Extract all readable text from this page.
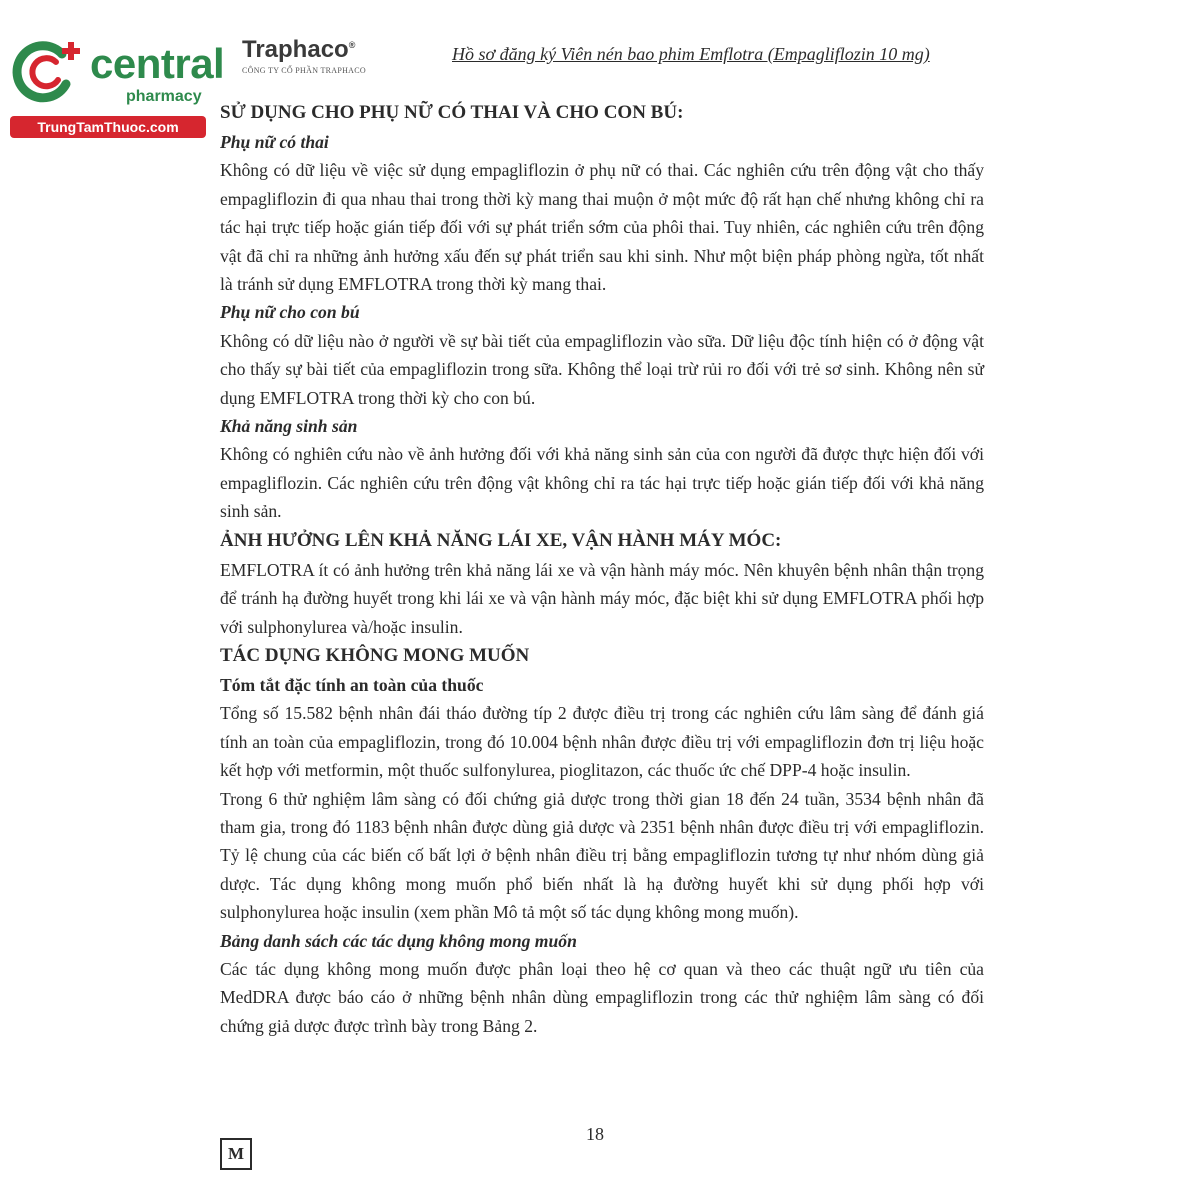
central
pharmacy
TrungTamThuoc.com
Traphaco®
CÔNG TY CỔ PHẦN TRAPHACO
Hồ sơ đăng ký Viên nén bao phim Emflotra (Empagliflozin 10 mg)
SỬ DỤNG CHO PHỤ NỮ CÓ THAI VÀ CHO CON BÚ:
Phụ nữ có thai

Không có dữ liệu về việc sử dụng empagliflozin ở phụ nữ có thai. Các nghiên cứu trên động vật cho thấy empagliflozin đi qua nhau thai trong thời kỳ mang thai muộn ở một mức độ rất hạn chế nhưng không chỉ ra tác hại trực tiếp hoặc gián tiếp đối với sự phát triển sớm của phôi thai. Tuy nhiên, các nghiên cứu trên động vật đã chỉ ra những ảnh hưởng xấu đến sự phát triển sau khi sinh. Như một biện pháp phòng ngừa, tốt nhất là tránh sử dụng EMFLOTRA trong thời kỳ mang thai.

Phụ nữ cho con bú

Không có dữ liệu nào ở người về sự bài tiết của empagliflozin vào sữa. Dữ liệu độc tính hiện có ở động vật cho thấy sự bài tiết của empagliflozin trong sữa. Không thể loại trừ rủi ro đối với trẻ sơ sinh. Không nên sử dụng EMFLOTRA trong thời kỳ cho con bú.

Khả năng sinh sản

Không có nghiên cứu nào về ảnh hưởng đối với khả năng sinh sản của con người đã được thực hiện đối với empagliflozin. Các nghiên cứu trên động vật không chỉ ra tác hại trực tiếp hoặc gián tiếp đối với khả năng sinh sản.

ẢNH HƯỞNG LÊN KHẢ NĂNG LÁI XE, VẬN HÀNH MÁY MÓC:

EMFLOTRA ít có ảnh hưởng trên khả năng lái xe và vận hành máy móc. Nên khuyên bệnh nhân thận trọng để tránh hạ đường huyết trong khi lái xe và vận hành máy móc, đặc biệt khi sử dụng EMFLOTRA phối hợp với sulphonylurea và/hoặc insulin.

TÁC DỤNG KHÔNG MONG MUỐN
Tóm tắt đặc tính an toàn của thuốc

Tổng số 15.582 bệnh nhân đái tháo đường típ 2 được điều trị trong các nghiên cứu lâm sàng để đánh giá tính an toàn của empagliflozin, trong đó 10.004 bệnh nhân được điều trị với empagliflozin đơn trị liệu hoặc kết hợp với metformin, một thuốc sulfonylurea, pioglitazon, các thuốc ức chế DPP-4 hoặc insulin.

Trong 6 thử nghiệm lâm sàng có đối chứng giả dược trong thời gian 18 đến 24 tuần, 3534 bệnh nhân đã tham gia, trong đó 1183 bệnh nhân được dùng giả dược và 2351 bệnh nhân được điều trị với empagliflozin. Tỷ lệ chung của các biến cố bất lợi ở bệnh nhân điều trị bằng empagliflozin tương tự như nhóm dùng giả dược. Tác dụng không mong muốn phổ biến nhất là hạ đường huyết khi sử dụng phối hợp với sulphonylurea hoặc insulin (xem phần Mô tả một số tác dụng không mong muốn).

Bảng danh sách các tác dụng không mong muốn

Các tác dụng không mong muốn được phân loại theo hệ cơ quan và theo các thuật ngữ ưu tiên của MedDRA được báo cáo ở những bệnh nhân dùng empagliflozin trong các thử nghiệm lâm sàng có đối chứng giả dược được trình bày trong Bảng 2.

18
M
